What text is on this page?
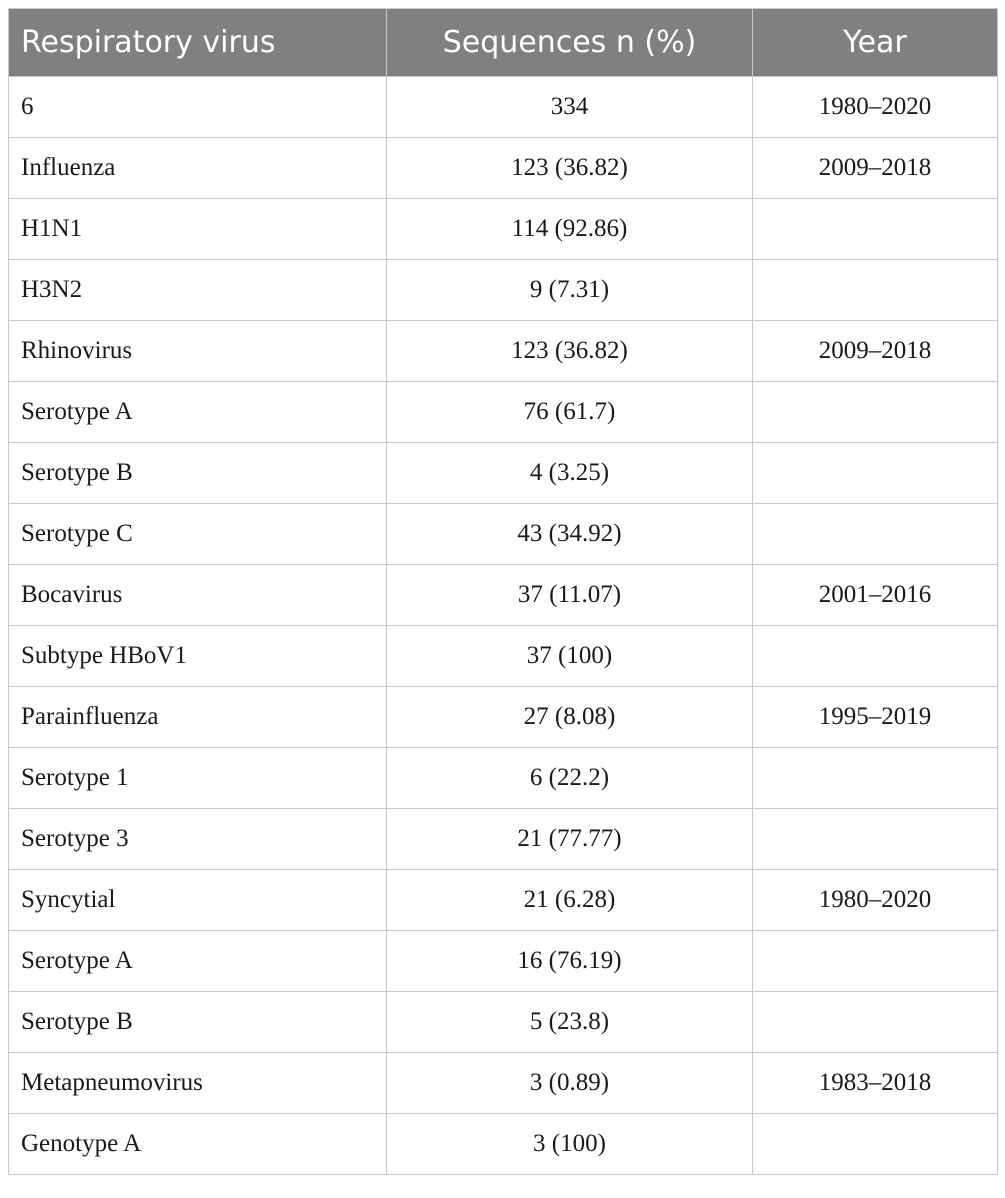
Respiratory virus	Sequences n (%)	Year
6	334	1980–2020
Influenza	123 (36.82)	2009–2018
H1N1	114 (92.86)	
H3N2	9 (7.31)	
Rhinovirus	123 (36.82)	2009–2018
Serotype A	76 (61.7)	
Serotype B	4 (3.25)	
Serotype C	43 (34.92)	
Bocavirus	37 (11.07)	2001–2016
Subtype HBoV1	37 (100)	
Parainfluenza	27 (8.08)	1995–2019
Serotype 1	6 (22.2)	
Serotype 3	21 (77.77)	
Syncytial	21 (6.28)	1980–2020
Serotype A	16 (76.19)	
Serotype B	5 (23.8)	
Metapneumovirus	3 (0.89)	1983–2018
Genotype A	3 (100)	
